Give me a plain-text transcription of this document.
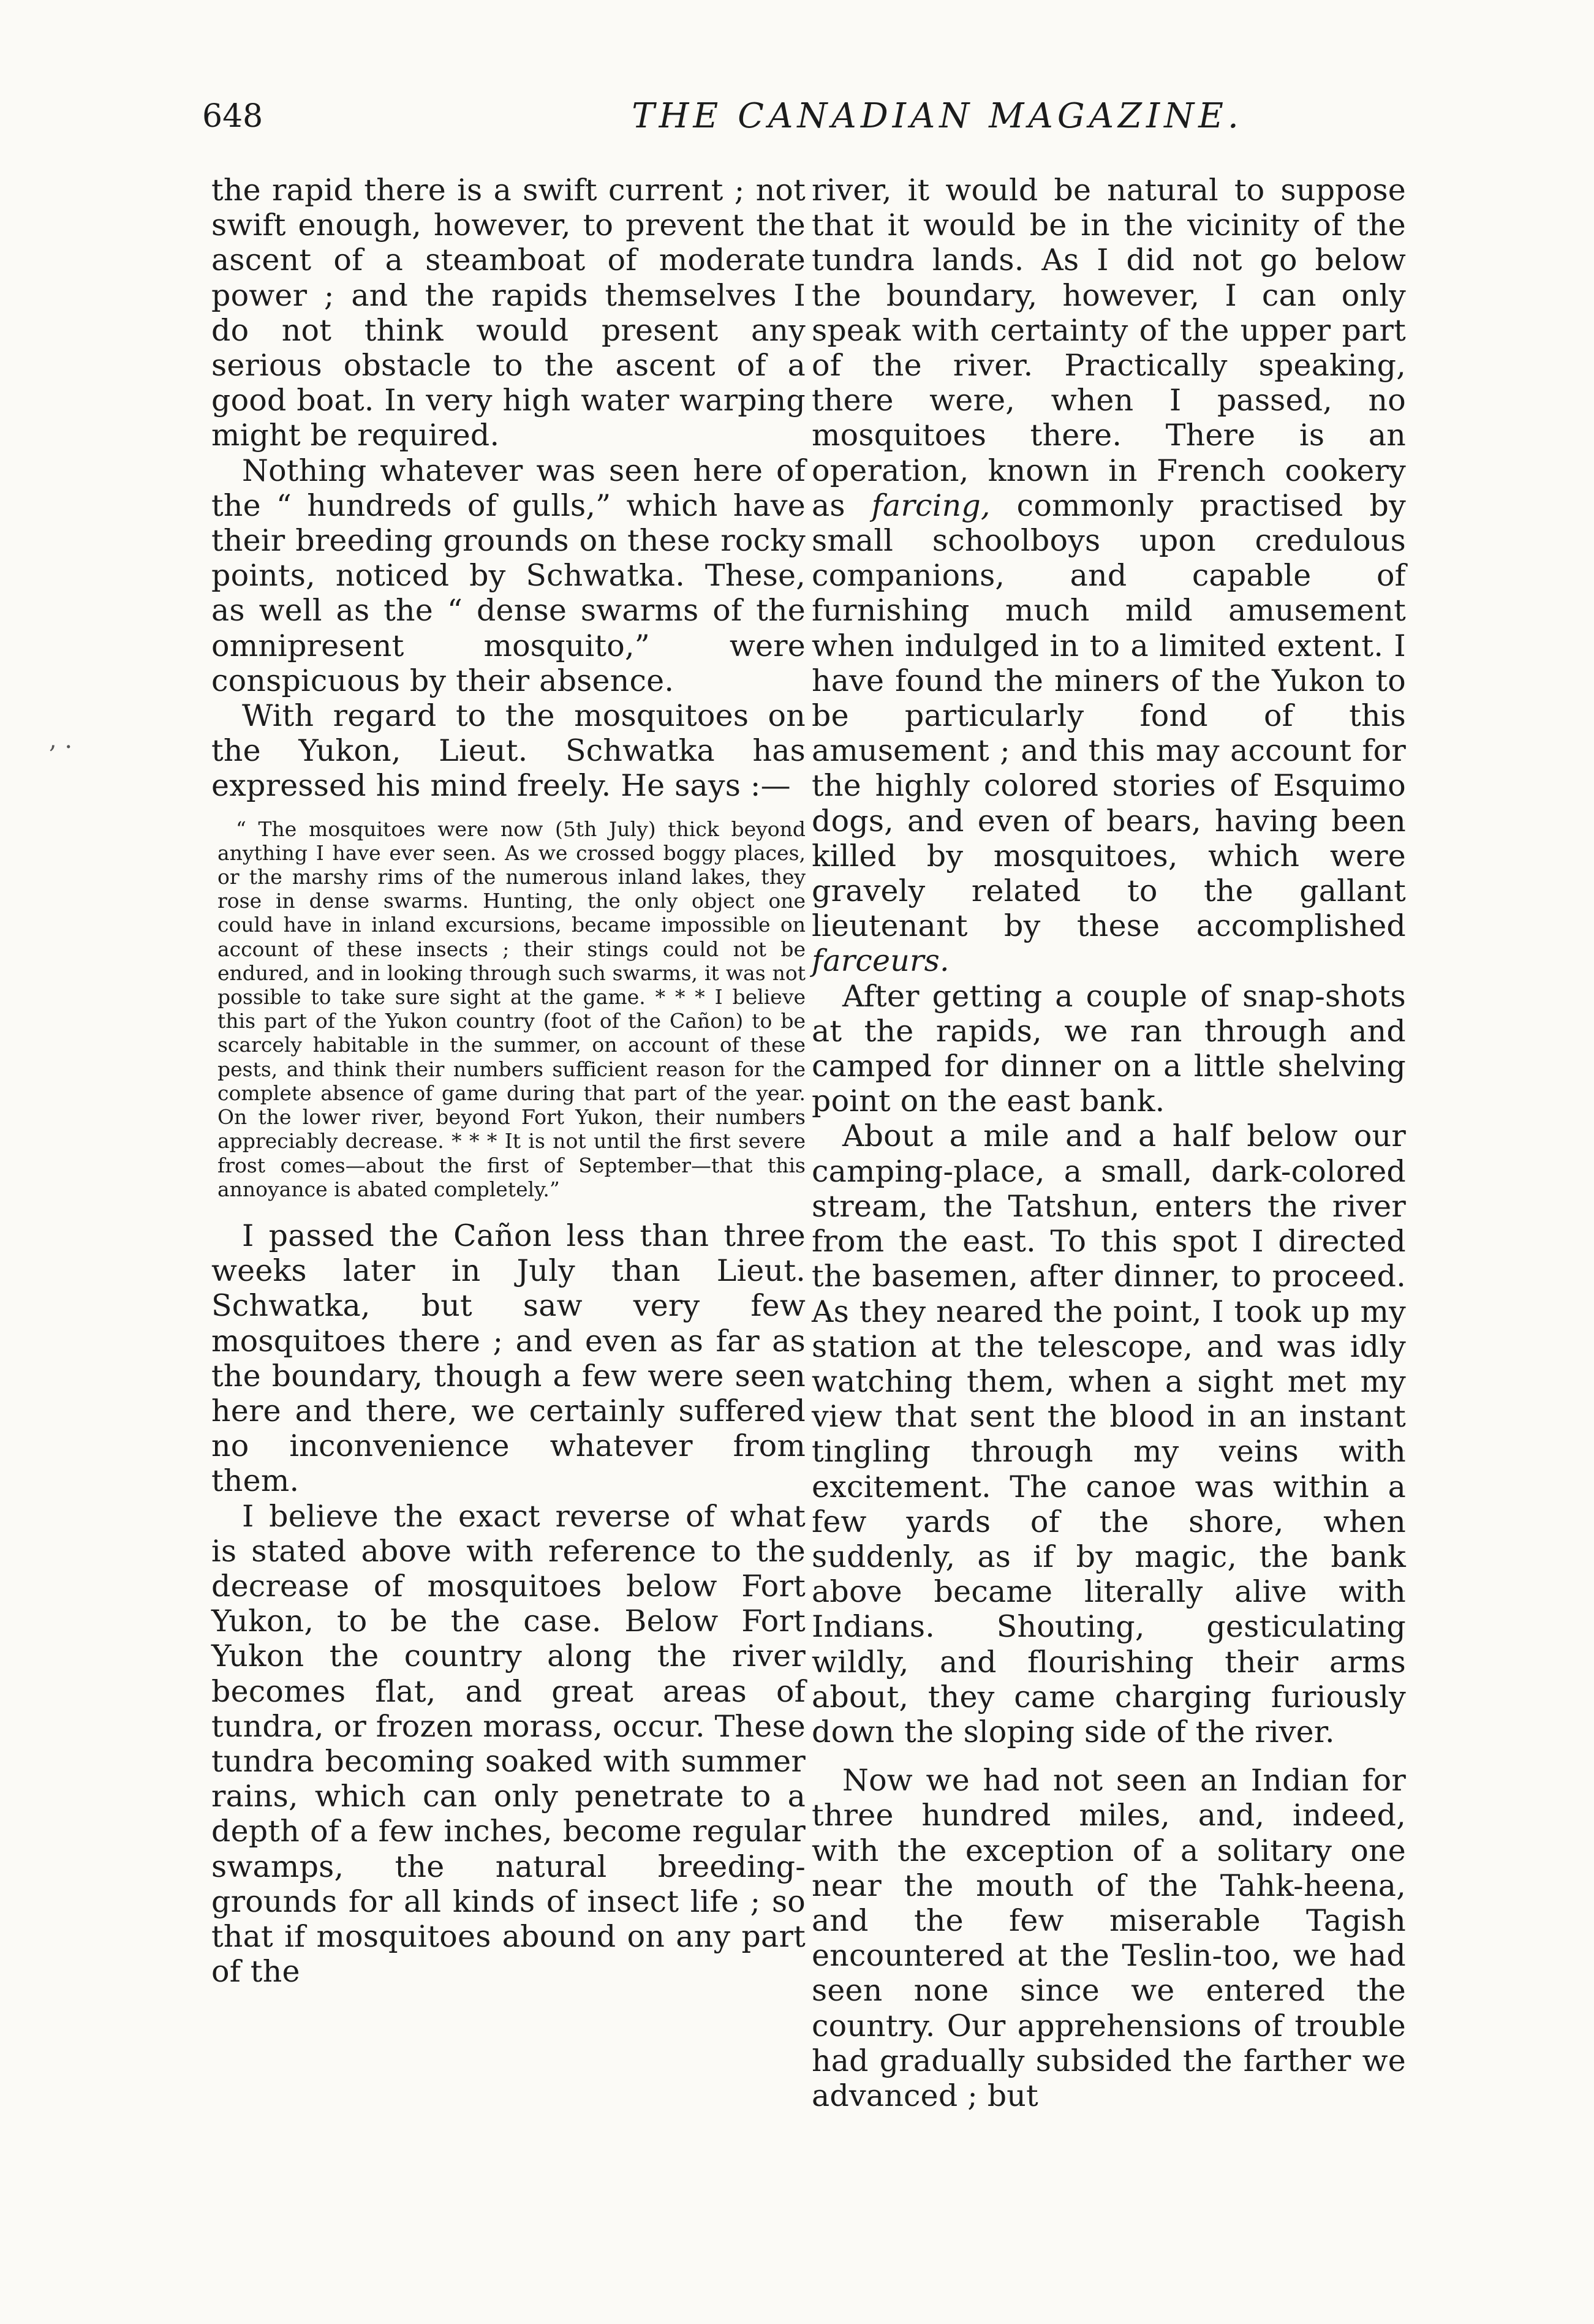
648	THE CANADIAN MAGAZINE.

, .

the rapid there is a swift current ; not swift enough, however, to prevent the ascent of a steamboat of moderate power ; and the rapids themselves I do not think would present any serious obstacle to the ascent of a good boat. In very high water warping might be required.

Nothing whatever was seen here of the “ hundreds of gulls,” which have their breeding grounds on these rocky points, noticed by Schwatka. These, as well as the “ dense swarms of the omnipresent mosquito,” were conspicuous by their absence.

With regard to the mosquitoes on the Yukon, Lieut. Schwatka has expressed his mind freely. He says :—

“ The mosquitoes were now (5th July) thick beyond anything I have ever seen. As we crossed boggy places, or the marshy rims of the numerous inland lakes, they rose in dense swarms. Hunting, the only object one could have in inland excursions, became impossible on account of these insects ; their stings could not be endured, and in looking through such swarms, it was not possible to take sure sight at the game. * * * I believe this part of the Yukon country (foot of the Cañon) to be scarcely habitable in the summer, on account of these pests, and think their numbers sufficient reason for the complete absence of game during that part of the year. On the lower river, beyond Fort Yukon, their numbers appreciably decrease. * * * It is not until the first severe frost comes—about the first of September—that this annoyance is abated completely.”

I passed the Cañon less than three weeks later in July than Lieut. Schwatka, but saw very few mosquitoes there ; and even as far as the boundary, though a few were seen here and there, we certainly suffered no inconvenience whatever from them.

I believe the exact reverse of what is stated above with reference to the decrease of mosquitoes below Fort Yukon, to be the case. Below Fort Yukon the country along the river becomes flat, and great areas of tundra, or frozen morass, occur. These tundra becoming soaked with summer rains, which can only penetrate to a depth of a few inches, become regular swamps, the natural breeding-grounds for all kinds of insect life ; so that if mosquitoes abound on any part of the

river, it would be natural to suppose that it would be in the vicinity of the tundra lands. As I did not go below the boundary, however, I can only speak with certainty of the upper part of the river. Practically speaking, there were, when I passed, no mosquitoes there. There is an operation, known in French cookery as farcing, commonly practised by small schoolboys upon credulous companions, and capable of furnishing much mild amusement when indulged in to a limited extent. I have found the miners of the Yukon to be particularly fond of this amusement ; and this may account for the highly colored stories of Esquimo dogs, and even of bears, having been killed by mosquitoes, which were gravely related to the gallant lieutenant by these accomplished farceurs.

After getting a couple of snap-shots at the rapids, we ran through and camped for dinner on a little shelving point on the east bank.

About a mile and a half below our camping-place, a small, dark-colored stream, the Tatshun, enters the river from the east. To this spot I directed the basemen, after dinner, to proceed. As they neared the point, I took up my station at the telescope, and was idly watching them, when a sight met my view that sent the blood in an instant tingling through my veins with excitement. The canoe was within a few yards of the shore, when suddenly, as if by magic, the bank above became literally alive with Indians. Shouting, gesticulating wildly, and flourishing their arms about, they came charging furiously down the sloping side of the river.

Now we had not seen an Indian for three hundred miles, and, indeed, with the exception of a solitary one near the mouth of the Tahk-heena, and the few miserable Tagish encountered at the Teslin-too, we had seen none since we entered the country. Our apprehensions of trouble had gradually subsided the farther we advanced ; but
